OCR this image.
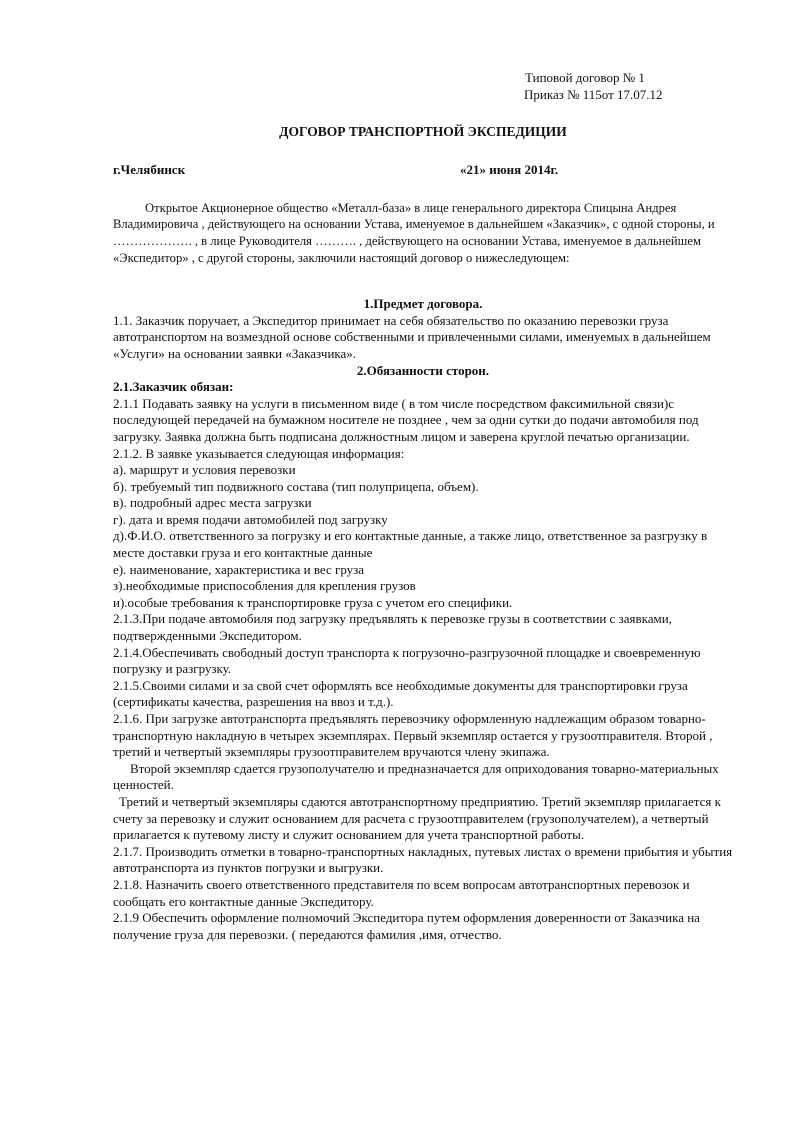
Типовой договор № 1

Приказ № 115от 17.07.12

ДОГОВОР ТРАНСПОРТНОЙ ЭКСПЕДИЦИИ

г.Челябинск	«21» июня 2014г.

Открытое Акционерное общество «Металл-база» в лице генерального директора Спицына Андрея Владимировича , действующего на основании Устава, именуемое в дальнейшем «Заказчик», с одной стороны, и ………………. , в лице Руководителя ………. , действующего на основании Устава, именуемое в дальнейшем «Экспедитор» , с другой стороны, заключили настоящий договор о нижеследующем:

1.Предмет договора.

1.1. Заказчик поручает, а Экспедитор принимает на себя обязательство по оказанию перевозки груза автотранспортом на возмездной основе собственными и привлеченными силами, именуемых в дальнейшем «Услуги» на основании заявки «Заказчика».

2.Обязанности сторон.

2.1.Заказчик обязан:

2.1.1 Подавать заявку на услуги в письменном виде ( в том числе посредством факсимильной связи)с последующей передачей на бумажном носителе не позднее , чем за одни сутки до подачи автомобиля под загрузку. Заявка должна быть подписана должностным лицом и заверена круглой печатью организации.

2.1.2. В заявке указывается следующая информация:

а). маршрут и условия перевозки

б). требуемый тип подвижного состава (тип полуприцепа, объем).

в). подробный адрес места загрузки

г). дата и время подачи автомобилей под загрузку

д).Ф.И.О. ответственного за погрузку и его контактные данные, а также лицо, ответственное за разгрузку в месте доставки груза и его контактные данные

е). наименование, характеристика и вес груза

з).необходимые приспособления для крепления грузов

и).особые требования к транспортировке груза с учетом его специфики.

2.1.3.При подаче автомобиля под загрузку предъявлять к перевозке грузы в соответствии с заявками, подтвержденными Экспедитором.

2.1.4.Обеспечивать свободный доступ транспорта к погрузочно-разгрузочной площадке и своевременную погрузку и разгрузку.

2.1.5.Своими силами и за свой счет оформлять все необходимые документы для транспортировки груза (сертификаты качества, разрешения на ввоз и т.д.).

2.1.6. При загрузке автотранспорта предъявлять перевозчику оформленную надлежащим образом товарно-транспортную накладную в четырех экземплярах. Первый экземпляр остается у грузоотправителя. Второй , третий и четвертый экземпляры грузоотправителем вручаются члену экипажа.

Второй экземпляр сдается грузополучателю и предназначается для оприходования товарно-материальных ценностей.

Третий и четвертый экземпляры сдаются автотранспортному предприятию. Третий экземпляр прилагается к счету за перевозку и служит основанием для расчета с грузоотправителем (грузополучателем), а четвертый прилагается к путевому листу и служит основанием для учета транспортной работы.

2.1.7. Производить отметки в товарно-транспортных накладных, путевых листах о времени прибытия и убытия автотранспорта из пунктов погрузки и выгрузки.

2.1.8. Назначить своего ответственного представителя по всем вопросам автотранспортных перевозок и сообщать его контактные данные Экспедитору.

2.1.9 Обеспечить оформление полномочий Экспедитора путем оформления доверенности от Заказчика на получение груза для перевозки. ( передаются фамилия ,имя, отчество.
